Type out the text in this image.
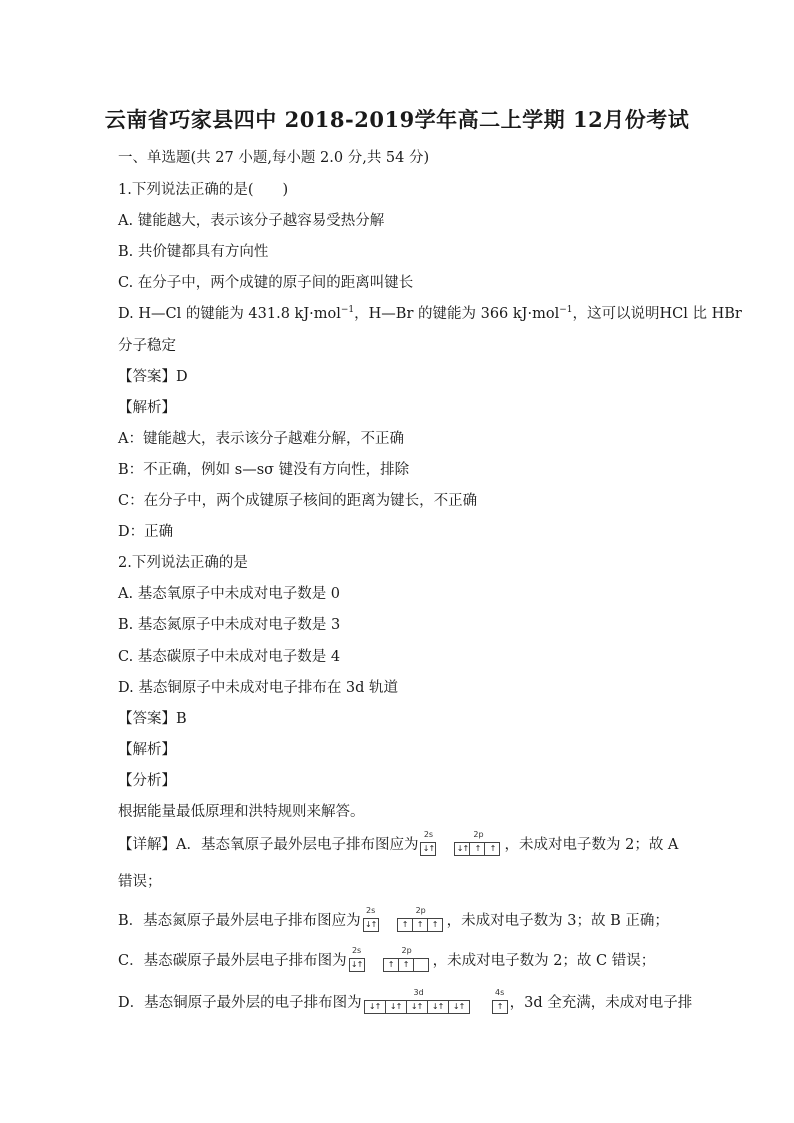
云南省巧家县四中 2018-2019学年高二上学期 12月份考试
一、单选题(共 27 小题,每小题 2.0 分,共 54 分)
1.下列说法正确的是(　　)
A. 键能越大，表示该分子越容易受热分解
B. 共价键都具有方向性
C. 在分子中，两个成键的原子间的距离叫键长
D. H—Cl 的键能为 431.8 kJ·mol$^{-1}$，H—Br 的键能为 366 kJ·mol$^{-1}$，这可以说明HCl 比 HBr
分子稳定
【答案】D
【解析】
A：键能越大，表示该分子越难分解，不正确
B：不正确，例如 s—sσ 键没有方向性，排除
C：在分子中，两个成键原子核间的距离为键长，不正确
D：正确
2.下列说法正确的是
A. 基态氧原子中未成对电子数是 0
B. 基态氮原子中未成对电子数是 3
C. 基态碳原子中未成对电子数是 4
D. 基态铜原子中未成对电子排布在 3d 轨道
【答案】B
【解析】
【分析】
根据能量最低原理和洪特规则来解答。
【详解】A．基态氧原子最外层电子排布图应为
2s
↓↑
2p
↓↑ ↑	↑ ，未成对电子数为 2；故 A
错误；
B．基态氮原子最外层电子排布图应为
2s
↓↑
2p
↑	↑	↑ ，未成对电子数为 3；故 B 正确；
C．基态碳原子最外层电子排布图为
2s
↓↑
2p
↑	↑ ，未成对电子数为 2；故 C 错误；
D．基态铜原子最外层的电子排布图为
3d
↓↑	↓↑	↓↑	↓↑	↓↑
4s
↑ ，3d 全充满，未成对电子排
